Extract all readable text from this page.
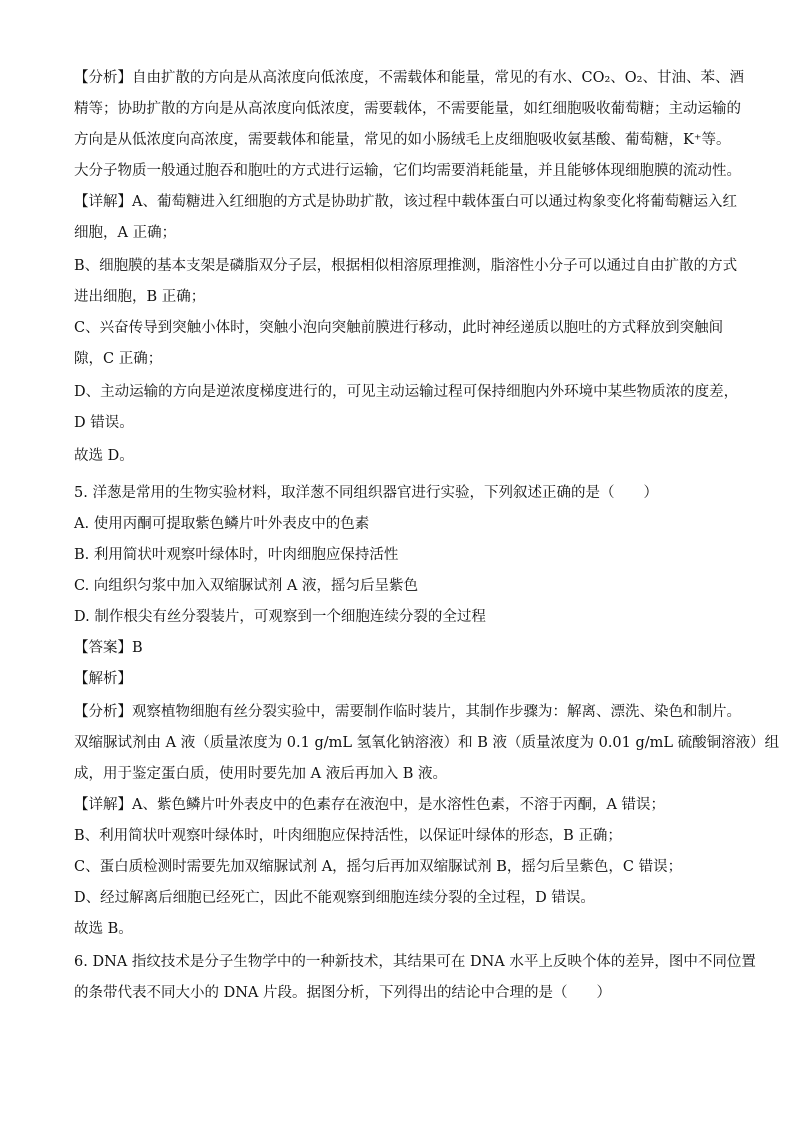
【分析】自由扩散的方向是从高浓度向低浓度，不需载体和能量，常见的有水、CO₂、O₂、甘油、苯、酒
精等；协助扩散的方向是从高浓度向低浓度，需要载体，不需要能量，如红细胞吸收葡萄糖；主动运输的
方向是从低浓度向高浓度，需要载体和能量，常见的如小肠绒毛上皮细胞吸收氨基酸、葡萄糖，K⁺等。
大分子物质一般通过胞吞和胞吐的方式进行运输，它们均需要消耗能量，并且能够体现细胞膜的流动性。
【详解】A、葡萄糖进入红细胞的方式是协助扩散，该过程中载体蛋白可以通过构象变化将葡萄糖运入红
细胞，A 正确；
B、细胞膜的基本支架是磷脂双分子层，根据相似相溶原理推测，脂溶性小分子可以通过自由扩散的方式
进出细胞，B 正确；
C、兴奋传导到突触小体时，突触小泡向突触前膜进行移动，此时神经递质以胞吐的方式释放到突触间
隙，C 正确；
D、主动运输的方向是逆浓度梯度进行的，可见主动运输过程可保持细胞内外环境中某些物质浓的度差，
D 错误。
故选 D。
5. 洋葱是常用的生物实验材料，取洋葱不同组织器官进行实验，下列叙述正确的是（　　）
A. 使用丙酮可提取紫色鳞片叶外表皮中的色素
B. 利用简状叶观察叶绿体时，叶肉细胞应保持活性
C. 向组织匀浆中加入双缩脲试剂 A 液，摇匀后呈紫色
D. 制作根尖有丝分裂装片，可观察到一个细胞连续分裂的全过程
【答案】B
【解析】
【分析】观察植物细胞有丝分裂实验中，需要制作临时装片，其制作步骤为：解离、漂洗、染色和制片。
双缩脲试剂由 A 液（质量浓度为 0.1 g/mL 氢氧化钠溶液）和 B 液（质量浓度为 0.01 g/mL 硫酸铜溶液）组
成，用于鉴定蛋白质，使用时要先加 A 液后再加入 B 液。
【详解】A、紫色鳞片叶外表皮中的色素存在液泡中，是水溶性色素，不溶于丙酮，A 错误；
B、利用简状叶观察叶绿体时，叶肉细胞应保持活性，以保证叶绿体的形态，B 正确；
C、蛋白质检测时需要先加双缩脲试剂 A，摇匀后再加双缩脲试剂 B，摇匀后呈紫色，C 错误；
D、经过解离后细胞已经死亡，因此不能观察到细胞连续分裂的全过程，D 错误。
故选 B。
6. DNA 指纹技术是分子生物学中的一种新技术，其结果可在 DNA 水平上反映个体的差异，图中不同位置
的条带代表不同大小的 DNA 片段。据图分析，下列得出的结论中合理的是（　　）
